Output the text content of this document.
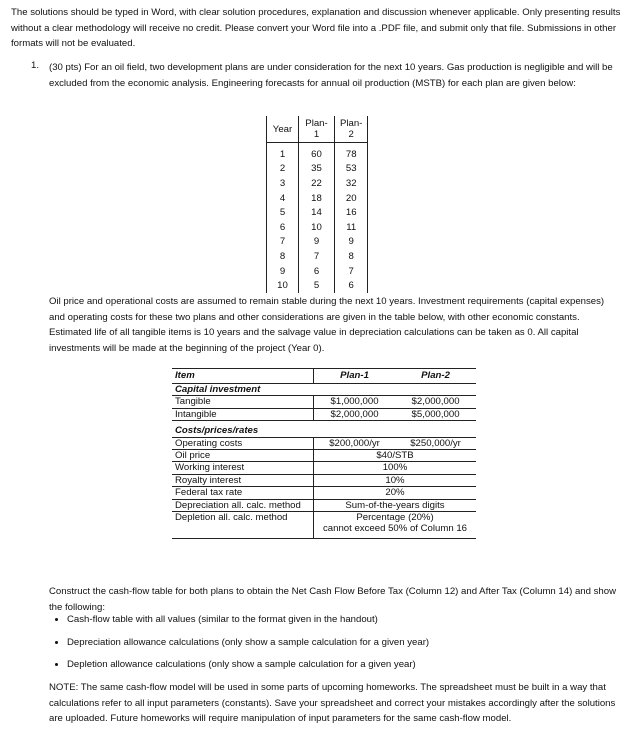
The solutions should be typed in Word, with clear solution procedures, explanation and discussion whenever applicable. Only presenting results without a clear methodology will receive no credit. Please convert your Word file into a .PDF file, and submit only that file. Submissions in other formats will not be evaluated.

1. (30 pts) For an oil field, two development plans are under consideration for the next 10 years. Gas production is negligible and will be excluded from the economic analysis. Engineering forecasts for annual oil production (MSTB) for each plan are given below:

Year	Plan-1	Plan-2
1	60	78
2	35	53
3	22	32
4	18	20
5	14	16
6	10	11
7	9	9
8	7	8
9	6	7
10	5	6

Oil price and operational costs are assumed to remain stable during the next 10 years. Investment requirements (capital expenses) and operating costs for these two plans and other considerations are given in the table below, with other economic constants. Estimated life of all tangible items is 10 years and the salvage value in depreciation calculations can be taken as 0. All capital investments will be made at the beginning of the project (Year 0).

Item	Plan-1	Plan-2
Capital investment		
Tangible	$1,000,000	$2,000,000
Intangible	$2,000,000	$5,000,000
Costs/prices/rates		
Operating costs	$200,000/yr	$250,000/yr
Oil price	$40/STB	
Working interest	100%	
Royalty interest	10%	
Federal tax rate	20%	
Depreciation all. calc. method	Sum-of-the-years digits	
Depletion all. calc. method	Percentage (20%)	
	cannot exceed 50% of Column 16	

Construct the cash-flow table for both plans to obtain the Net Cash Flow Before Tax (Column 12) and After Tax (Column 14) and show the following:

• Cash-flow table with all values (similar to the format given in the handout)
• Depreciation allowance calculations (only show a sample calculation for a given year)
• Depletion allowance calculations (only show a sample calculation for a given year)

NOTE: The same cash-flow model will be used in some parts of upcoming homeworks. The spreadsheet must be built in a way that calculations refer to all input parameters (constants). Save your spreadsheet and correct your mistakes accordingly after the solutions are uploaded. Future homeworks will require manipulation of input parameters for the same cash-flow model.
